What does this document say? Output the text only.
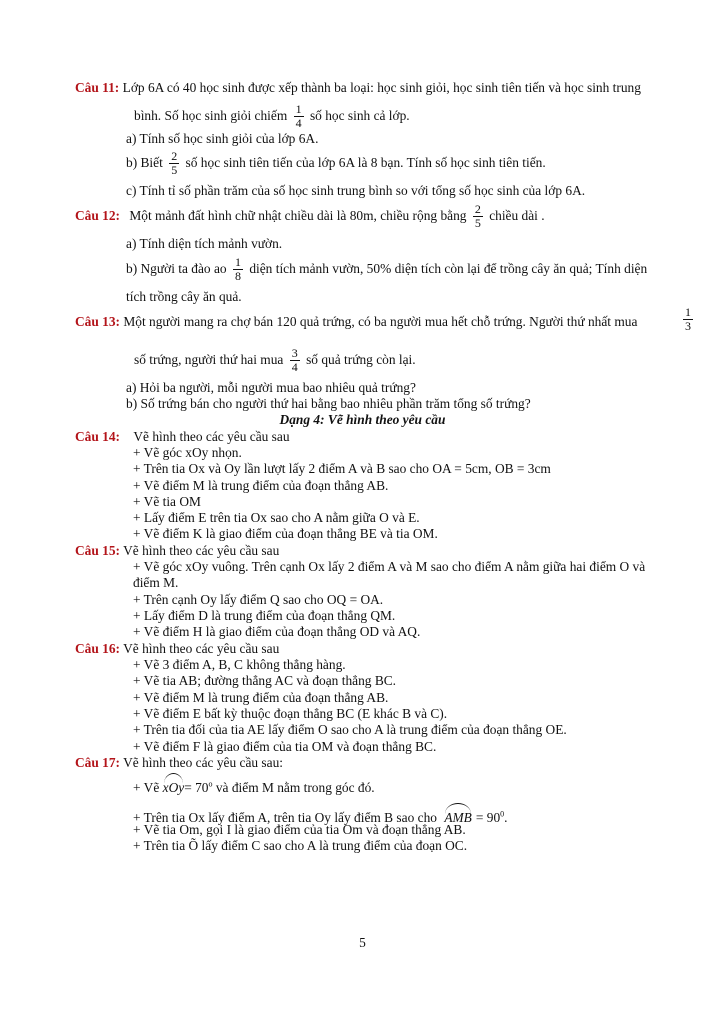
Câu 11: Lớp 6A có 40 học sinh được xếp thành ba loại: học sinh giỏi, học sinh tiên tiến và học sinh trung
bình. Số học sinh giỏi chiếm $\frac{1}{4}$ số học sinh cả lớp.
a) Tính số học sinh giỏi của lớp 6A.
b) Biết $\frac{2}{5}$ số học sinh tiên tiến của lớp 6A là 8 bạn. Tính số học sinh tiên tiến.
c) Tính tỉ số phần trăm của số học sinh trung bình so với tổng số học sinh của lớp 6A.
Câu 12: Một mảnh đất hình chữ nhật chiều dài là 80m, chiều rộng bằng $\frac{2}{5}$ chiều dài .
a) Tính diện tích mảnh vườn.
b) Người ta đào ao $\frac{1}{8}$ diện tích mảnh vườn, 50% diện tích còn lại để trồng cây ăn quả; Tính diện
tích trồng cây ăn quả.
Câu 13: Một người mang ra chợ bán 120 quả trứng, có ba người mua hết chỗ trứng. Người thứ nhất mua	$\frac{1}{3}$
số trứng, người thứ hai mua $\frac{3}{4}$ số quả trứng còn lại.
a) Hỏi ba người, mỗi người mua bao nhiêu quả trứng?
b) Số trứng bán cho người thứ hai bằng bao nhiêu phần trăm tổng số trứng?
Dạng 4: Vẽ hình theo yêu cầu
Câu 14: Vẽ hình theo các yêu cầu sau
+ Vẽ góc xOy nhọn.
+ Trên tia Ox và Oy lần lượt lấy 2 điểm A và B sao cho OA = 5cm, OB = 3cm
+ Vẽ điểm M là trung điểm của đoạn thẳng AB.
+ Vẽ tia OM
+ Lấy điểm E trên tia Ox sao cho A nằm giữa O và E.
+ Vẽ điểm K là giao điểm của đoạn thẳng BE và tia OM.
Câu 15: Vẽ hình theo các yêu cầu sau
+ Vẽ góc xOy vuông. Trên cạnh Ox lấy 2 điểm A và M sao cho điểm A nằm giữa hai điểm O và
điểm M.
+ Trên cạnh Oy lấy điểm Q sao cho OQ = OA.
+ Lấy điểm D là trung điểm của đoạn thẳng QM.
+ Vẽ điểm H là giao điểm của đoạn thẳng OD và AQ.
Câu 16: Vẽ hình theo các yêu cầu sau
+ Vẽ 3 điểm A, B, C không thẳng hàng.
+ Vẽ tia AB; đường thẳng AC và đoạn thẳng BC.
+ Vẽ điểm M là trung điểm của đoạn thẳng AB.
+ Vẽ điểm E bất kỳ thuộc đoạn thẳng BC (E khác B và C).
+ Trên tia đối của tia AE lấy điểm O sao cho A là trung điểm của đoạn thẳng OE.
+ Vẽ điểm F là giao điểm của tia OM và đoạn thẳng BC.
Câu 17: Vẽ hình theo các yêu cầu sau:
+ Vẽ $xOy= 70^o$ và điểm M nằm trong góc đó.
+ Trên tia Ox lấy điểm A, trên tia Oy lấy điểm B sao cho AMB = $90^0$.
+ Vẽ tia Om, gọi I là giao điểm của tia Om và đoạn thẳng AB.
+ Trên tia Õ lấy điểm C sao cho A là trung điểm của đoạn OC.
5
